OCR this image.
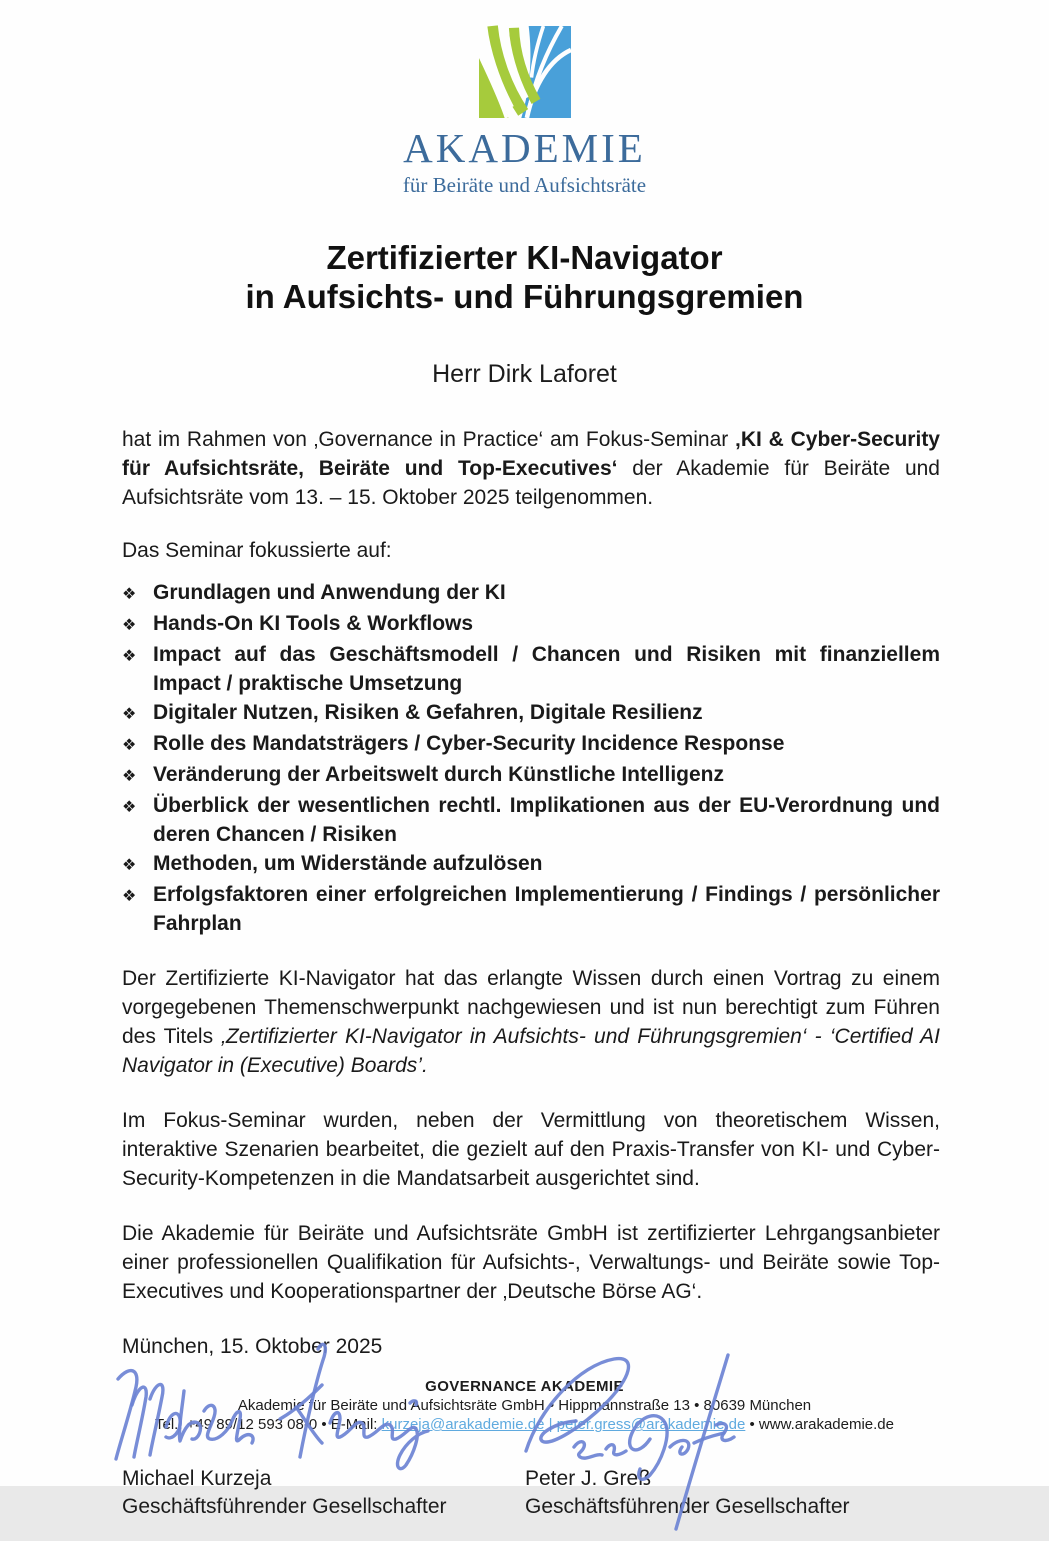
AKADEMIE
für Beiräte und Aufsichtsräte
Zertifizierter KI-Navigator
in Aufsichts- und Führungsgremien
Herr Dirk Laforet

hat im Rahmen von ‚Governance in Practice‘ am Fokus-Seminar ‚KI & Cyber-Security für Aufsichtsräte, Beiräte und Top-Executives‘ der Akademie für Beiräte und Aufsichtsräte vom 13. – 15. Oktober 2025 teilgenommen.

Das Seminar fokussierte auf:

❖ Grundlagen und Anwendung der KI
❖ Hands-On KI Tools & Workflows
❖ Impact auf das Geschäftsmodell / Chancen und Risiken mit finanziellem Impact / praktische Umsetzung
❖ Digitaler Nutzen, Risiken & Gefahren, Digitale Resilienz
❖ Rolle des Mandatsträgers / Cyber-Security Incidence Response
❖ Veränderung der Arbeitswelt durch Künstliche Intelligenz
❖ Überblick der wesentlichen rechtl. Implikationen aus der EU-Verordnung und deren Chancen / Risiken
❖ Methoden, um Widerstände aufzulösen
❖ Erfolgsfaktoren einer erfolgreichen Implementierung / Findings / persönlicher Fahrplan

Der Zertifizierte KI-Navigator hat das erlangte Wissen durch einen Vortrag zu einem vorgegebenen Themenschwerpunkt nachgewiesen und ist nun berechtigt zum Führen des Titels ‚Zertifizierter KI-Navigator in Aufsichts- und Führungsgremien‘ - ‘Certified AI Navigator in (Executive) Boards’.

Im Fokus-Seminar wurden, neben der Vermittlung von theoretischem Wissen, interaktive Szenarien bearbeitet, die gezielt auf den Praxis-Transfer von KI- und Cyber-Security-Kompetenzen in die Mandatsarbeit ausgerichtet sind.

Die Akademie für Beiräte und Aufsichtsräte GmbH ist zertifizierter Lehrgangsanbieter einer professionellen Qualifikation für Aufsichts-, Verwaltungs- und Beiräte sowie Top-Executives und Kooperationspartner der ‚Deutsche Börse AG‘.

München, 15. Oktober 2025

Michael Kurzeja
Geschäftsführender Gesellschafter
Peter J. Greß
Geschäftsführender Gesellschafter
GOVERNANCE AKADEMIE
Akademie für Beiräte und Aufsichtsräte GmbH • Hippmannstraße 13 • 80639 München
Tel.: +49 89/12 593 08-0 • E-Mail: kurzeja@arakademie.de | peter.gress@arakademie.de • www.arakademie.de
